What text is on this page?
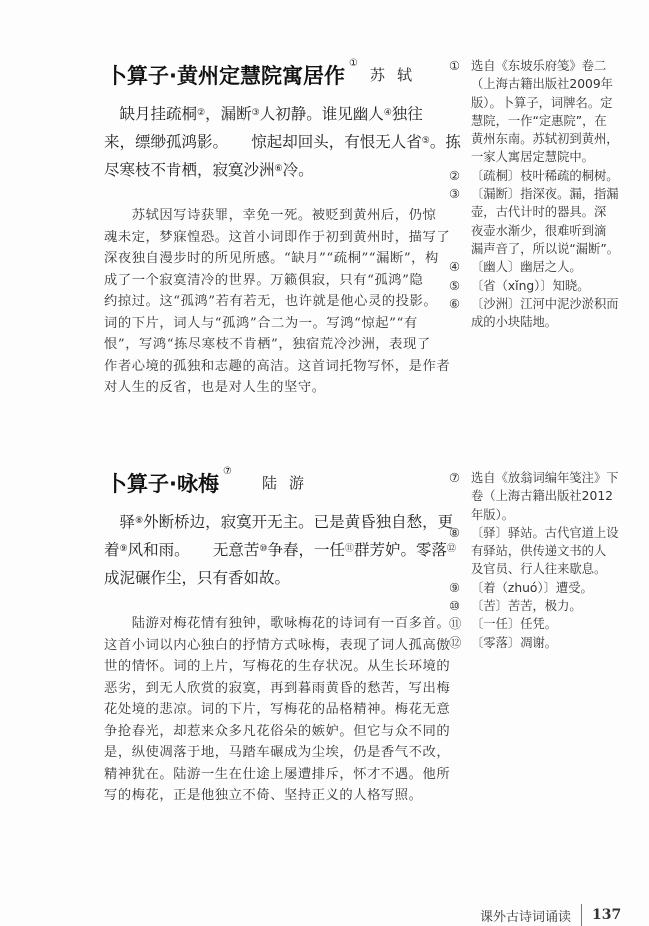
卜算子·黄州定慧院寓居作①
苏轼

　缺月挂疏桐②，漏断③人初静。谁见幽人④独往

来，缥缈孤鸿影。　　惊起却回头，有恨无人省⑤。拣

尽寒枝不肯栖，寂寞沙洲⑥冷。

　　苏轼因写诗获罪，幸免一死。被贬到黄州后，仍惊

魂未定，梦寐惶恐。这首小词即作于初到黄州时，描写了

深夜独自漫步时的所见所感。“缺月”“疏桐”“漏断”，构

成了一个寂寞清冷的世界。万籁俱寂，只有“孤鸿”隐

约掠过。这“孤鸿”若有若无，也许就是他心灵的投影。

词的下片，词人与“孤鸿”合二为一。写鸿“惊起”“有

恨”，写鸿“拣尽寒枝不肯栖”，独宿荒冷沙洲，表现了

作者心境的孤独和志趣的高洁。这首词托物写怀，是作者

对人生的反省，也是对人生的坚守。

① 选自《东坡乐府笺》卷二
（上海古籍出版社2009年
版）。卜算子，词牌名。定
慧院，一作“定惠院”，在
黄州东南。苏轼初到黄州，
一家人寓居定慧院中。
② 〔疏桐〕枝叶稀疏的桐树。
③ 〔漏断〕指深夜。漏，指漏
壶，古代计时的器具。深
夜壶水渐少，很难听到滴
漏声音了，所以说“漏断”。
④ 〔幽人〕幽居之人。
⑤ 〔省（xǐng）〕知晓。
⑥ 〔沙洲〕江河中泥沙淤积而
成的小块陆地。
卜算子·咏梅⑦
陆游

　驿⑧外断桥边，寂寞开无主。已是黄昏独自愁，更

着⑨风和雨。　　无意苦⑩争春，一任⑪群芳妒。零落⑫

成泥碾作尘，只有香如故。

　　陆游对梅花情有独钟，歌咏梅花的诗词有一百多首。

这首小词以内心独白的抒情方式咏梅，表现了词人孤高傲

世的情怀。词的上片，写梅花的生存状况。从生长环境的

恶劣，到无人欣赏的寂寞，再到暮雨黄昏的愁苦，写出梅

花处境的悲凉。词的下片，写梅花的品格精神。梅花无意

争抢春光，却惹来众多凡花俗朵的嫉妒。但它与众不同的

是，纵使凋落于地，马踏车碾成为尘埃，仍是香气不改，

精神犹在。陆游一生在仕途上屡遭排斥，怀才不遇。他所

写的梅花，正是他独立不倚、坚持正义的人格写照。

⑦ 选自《放翁词编年笺注》下
卷（上海古籍出版社2012
年版）。
⑧ 〔驿〕驿站。古代官道上设
有驿站，供传递文书的人
及官员、行人往来歇息。
⑨ 〔着（zhuó）〕遭受。
⑩ 〔苦〕苦苦，极力。
⑪ 〔一任〕任凭。
⑫ 〔零落〕凋谢。
课外古诗词诵读 137
